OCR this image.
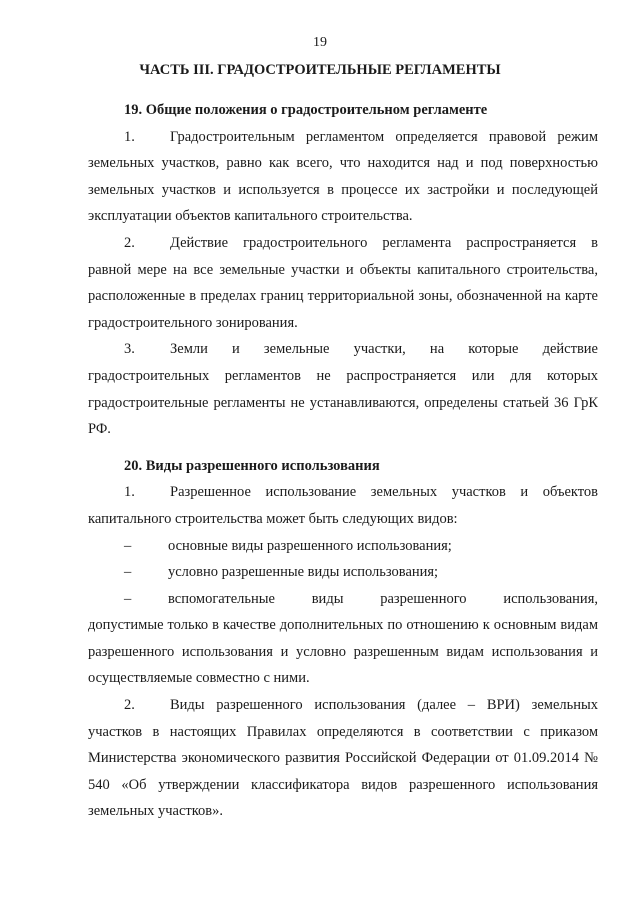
19
ЧАСТЬ III. ГРАДОСТРОИТЕЛЬНЫЕ РЕГЛАМЕНТЫ

19. Общие положения о градостроительном регламенте

1. Градостроительным регламентом определяется правовой режим земельных участков, равно как всего, что находится над и под поверхностью земельных участков и используется в процессе их застройки и последующей эксплуатации объектов капитального строительства.

2. Действие градостроительного регламента распространяется в равной мере на все земельные участки и объекты капитального строительства, расположенные в пределах границ территориальной зоны, обозначенной на карте градостроительного зонирования.

3. Земли и земельные участки, на которые действие градостроительных регламентов не распространяется или для которых градостроительные регламенты не устанавливаются, определены статьей 36 ГрК РФ.

20. Виды разрешенного использования

1. Разрешенное использование земельных участков и объектов капитального строительства может быть следующих видов:

–	основные виды разрешенного использования;
–	условно разрешенные виды использования;
–	вспомогательные виды разрешенного использования,

допустимые только в качестве дополнительных по отношению к основным видам разрешенного использования и условно разрешенным видам использования и осуществляемые совместно с ними.

2. Виды разрешенного использования (далее – ВРИ) земельных участков в настоящих Правилах определяются в соответствии с приказом Министерства экономического развития Российской Федерации от 01.09.2014 № 540 «Об утверждении классификатора видов разрешенного использования земельных участков».
